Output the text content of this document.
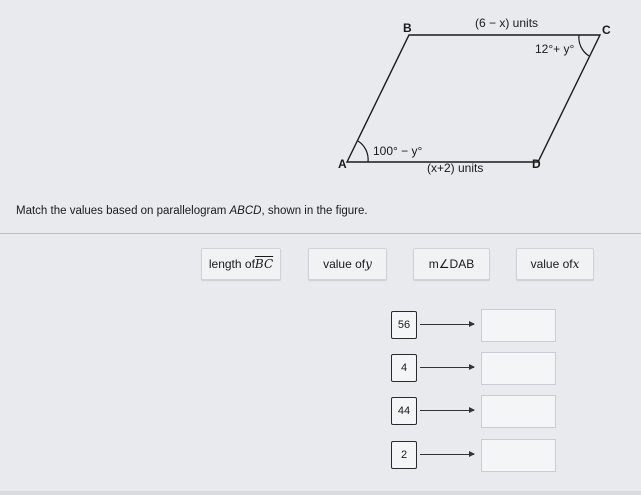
B	C
A	D
(6 − x) units
12°+ y°
100° − y°
(x+2) units
Match the values based on parallelogram ABCD, shown in the figure.
length of $\overline{BC}$	value of y	m∠ DAB	value of x
56
4
44
2
